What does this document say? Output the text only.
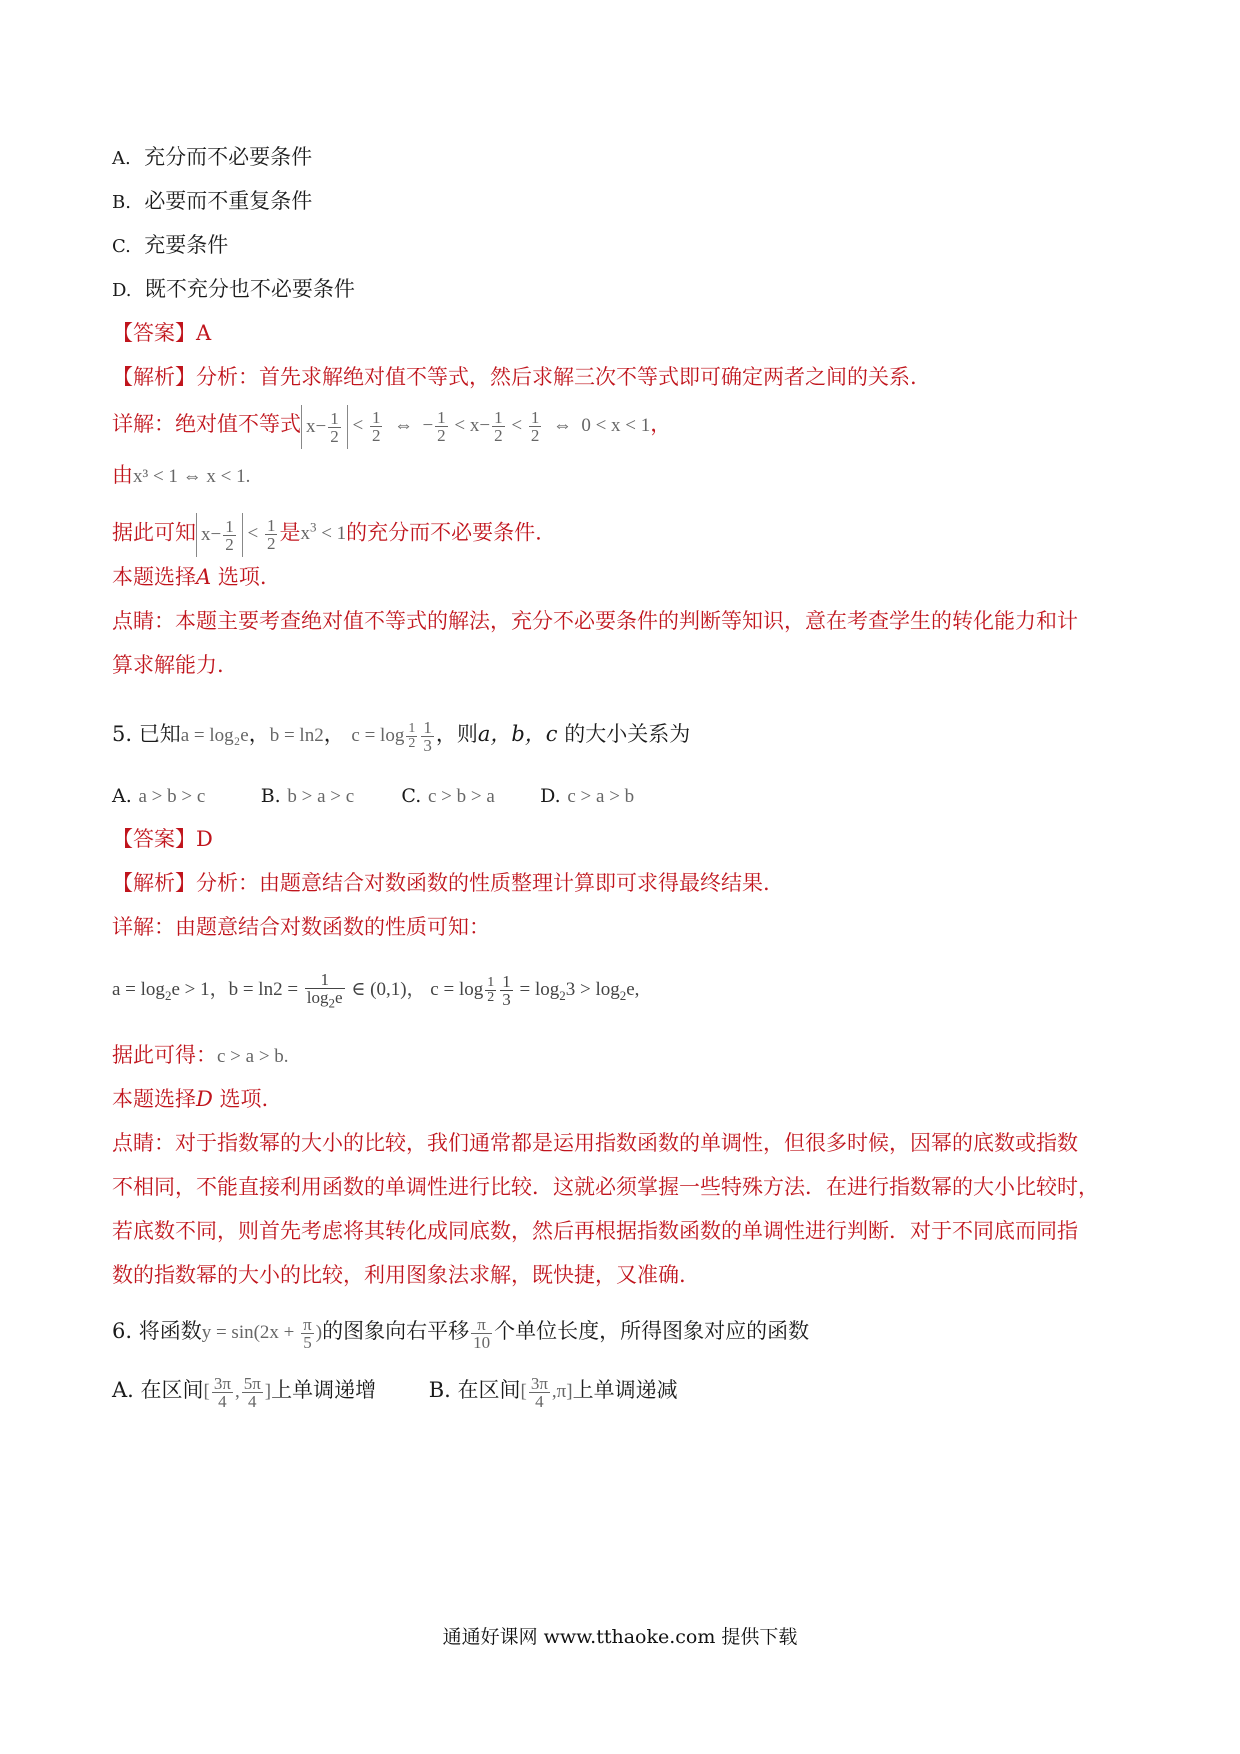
A. 充分而不必要条件
B. 必要而不重复条件
C. 充要条件
D. 既不充分也不必要条件
【答案】A
【解析】分析：首先求解绝对值不等式，然后求解三次不等式即可确定两者之间的关系.
详解：绝对值不等式 $x- \frac{1}{2} < \frac{1}{2}$ ⇔  − $\frac{1}{2} < x- \frac{1}{2} < \frac{1}{2}$ ⇔  0 < x < 1，
由x³ < 1 ⇔ x < 1.
据此可知 $x- \frac{1}{2} < \frac{1}{2}$ 是$x^3 < 1$的充分而不必要条件.
本题选择A 选项.
点睛：本题主要考查绝对值不等式的解法，充分不必要条件的判断等知识，意在考查学生的转化能力和计
算求解能力.
5. 已知a = log₂e，b = ln2， $c = \log \frac{1}{2} \frac{1}{3}$ ，则a，b，c 的大小关系为
A. a > b > c	B. b > a > c C. c > b > a D. c > a > b
【答案】D
【解析】分析：由题意结合对数函数的性质整理计算即可求得最终结果.
详解：由题意结合对数函数的性质可知：
$a = \log_2e > 1$，$b = \ln 2 = \frac{1}{\log_2e}$ ∈ (0,1)， $c = \log \frac{1}{2} \frac{1}{3} = \log_23 > \log_2e$,
据此可得：c > a > b.
本题选择D 选项.
点睛：对于指数幂的大小的比较，我们通常都是运用指数函数的单调性，但很多时候，因幂的底数或指数
不相同，不能直接利用函数的单调性进行比较．这就必须掌握一些特殊方法．在进行指数幂的大小比较时，
若底数不同，则首先考虑将其转化成同底数，然后再根据指数函数的单调性进行判断．对于不同底而同指
数的指数幂的大小的比较，利用图象法求解，既快捷，又准确.
6. 将函数$y = \sin(2x + \frac{\pi}{5}$ )的图象向右平移 $\frac{\pi}{10}$ 个单位长度，所得图象对应的函数
A. 在区间[ $\frac{3\pi}{4}$ , $\frac{5\pi}{4}$ ]上单调递增	B. 在区间[ $\frac{3\pi}{4} ,\pi$]上单调递减
通通好课网 www.tthaoke.com 提供下载
